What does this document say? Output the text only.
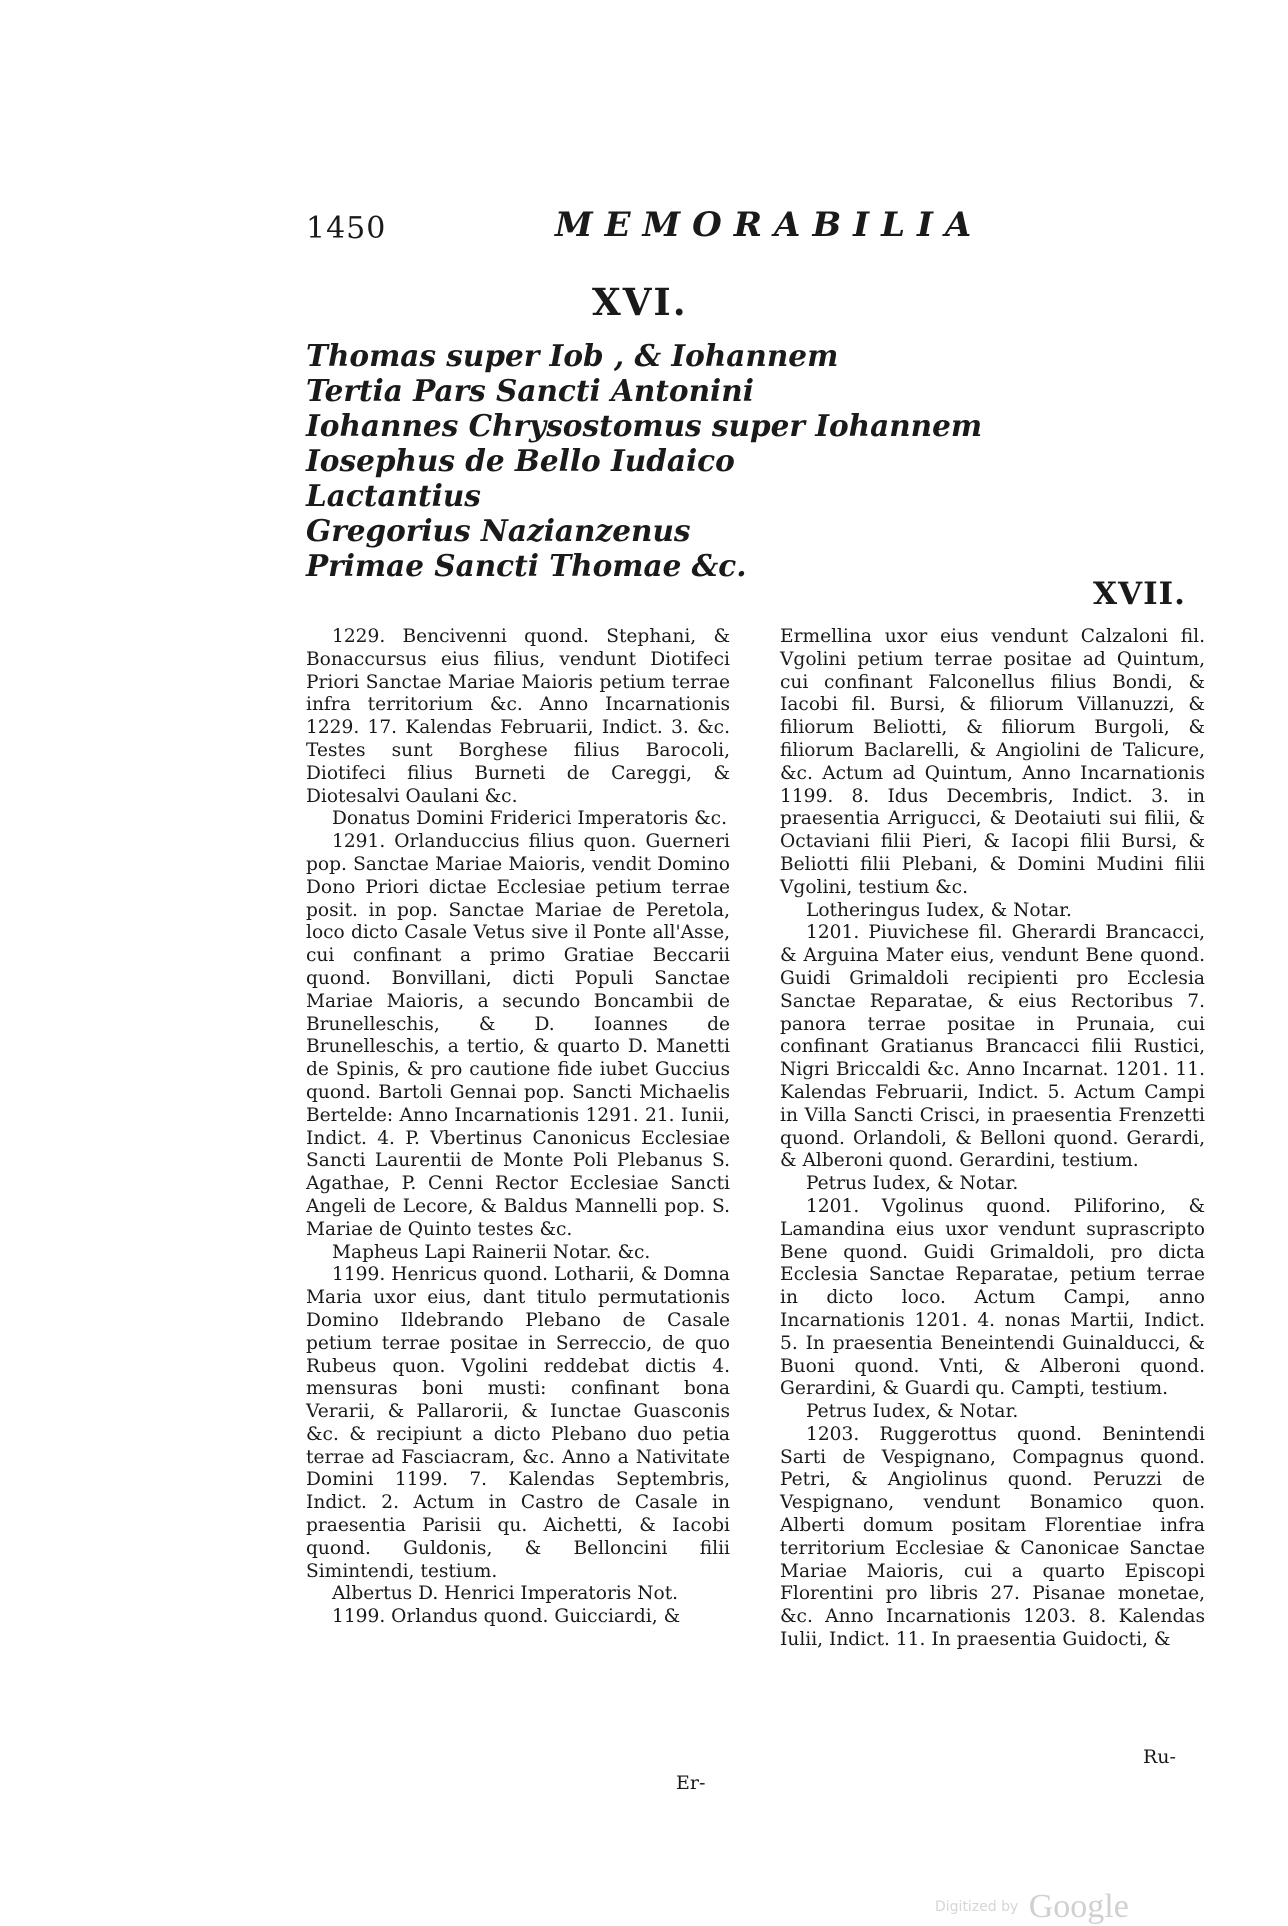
1450	MEMORABILIA
XVI.
Thomas super Iob , & Iohannem
Tertia Pars Sancti Antonini
Iohannes Chrysostomus super Iohannem
Iosephus de Bello Iudaico
Lactantius
Gregorius Nazianzenus
Primae Sancti Thomae &c.
XVII.

1229. Bencivenni quond. Stephani, & Bonaccursus eius filius, vendunt Diotifeci Priori Sanctae Mariae Maioris petium terrae infra territorium &c. Anno Incarnationis 1229. 17. Kalendas Februarii, Indict. 3. &c. Testes sunt Borghese filius Barocoli, Diotifeci filius Burneti de Careggi, & Diotesalvi Oaulani &c.

Donatus Domini Friderici Imperatoris &c.

1291. Orlanduccius filius quon. Guerneri pop. Sanctae Mariae Maioris, vendit Domino Dono Priori dictae Ecclesiae petium terrae posit. in pop. Sanctae Mariae de Peretola, loco dicto Casale Vetus sive il Ponte all'Asse, cui confinant a primo Gratiae Beccarii quond. Bonvillani, dicti Populi Sanctae Mariae Maioris, a secundo Boncambii de Brunelleschis, & D. Ioannes de Brunelleschis, a tertio, & quarto D. Manetti de Spinis, & pro cautione fide iubet Guccius quond. Bartoli Gennai pop. Sancti Michaelis Bertelde: Anno Incarnationis 1291. 21. Iunii, Indict. 4. P. Vbertinus Canonicus Ecclesiae Sancti Laurentii de Monte Poli Plebanus S. Agathae, P. Cenni Rector Ecclesiae Sancti Angeli de Lecore, & Baldus Mannelli pop. S. Mariae de Quinto testes &c.

Mapheus Lapi Rainerii Notar. &c.

1199. Henricus quond. Lotharii, & Domna Maria uxor eius, dant titulo permutationis Domino Ildebrando Plebano de Casale petium terrae positae in Serreccio, de quo Rubeus quon. Vgolini reddebat dictis 4. mensuras boni musti: confinant bona Verarii, & Pallarorii, & Iunctae Guasconis &c. & recipiunt a dicto Plebano duo petia terrae ad Fasciacram, &c. Anno a Nativitate Domini 1199. 7. Kalendas Septembris, Indict. 2. Actum in Castro de Casale in praesentia Parisii qu. Aichetti, & Iacobi quond. Guldonis, & Belloncini filii Simintendi, testium.

Albertus D. Henrici Imperatoris Not.

1199. Orlandus quond. Guicciardi, &

Er-

Ermellina uxor eius vendunt Calzaloni fil. Vgolini petium terrae positae ad Quintum, cui confinant Falconellus filius Bondi, & Iacobi fil. Bursi, & filiorum Villanuzzi, & filiorum Beliotti, & filiorum Burgoli, & filiorum Baclarelli, & Angiolini de Talicure, &c. Actum ad Quintum, Anno Incarnationis 1199. 8. Idus Decembris, Indict. 3. in praesentia Arrigucci, & Deotaiuti sui filii, & Octaviani filii Pieri, & Iacopi filii Bursi, & Beliotti filii Plebani, & Domini Mudini filii Vgolini, testium &c.

Lotheringus Iudex, & Notar.

1201. Piuvichese fil. Gherardi Brancacci, & Arguina Mater eius, vendunt Bene quond. Guidi Grimaldoli recipienti pro Ecclesia Sanctae Reparatae, & eius Rectoribus 7. panora terrae positae in Prunaia, cui confinant Gratianus Brancacci filii Rustici, Nigri Briccaldi &c. Anno Incarnat. 1201. 11. Kalendas Februarii, Indict. 5. Actum Campi in Villa Sancti Crisci, in praesentia Frenzetti quond. Orlandoli, & Belloni quond. Gerardi, & Alberoni quond. Gerardini, testium.

Petrus Iudex, & Notar.

1201. Vgolinus quond. Piliforino, & Lamandina eius uxor vendunt suprascripto Bene quond. Guidi Grimaldoli, pro dicta Ecclesia Sanctae Reparatae, petium terrae in dicto loco. Actum Campi, anno Incarnationis 1201. 4. nonas Martii, Indict. 5. In praesentia Beneintendi Guinalducci, & Buoni quond. Vnti, & Alberoni quond. Gerardini, & Guardi qu. Campti, testium.

Petrus Iudex, & Notar.

1203. Ruggerottus quond. Benintendi Sarti de Vespignano, Compagnus quond. Petri, & Angiolinus quond. Peruzzi de Vespignano, vendunt Bonamico quon. Alberti domum positam Florentiae infra territorium Ecclesiae & Canonicae Sanctae Mariae Maioris, cui a quarto Episcopi Florentini pro libris 27. Pisanae monetae, &c. Anno Incarnationis 1203. 8. Kalendas Iulii, Indict. 11. In praesentia Guidocti, &

Ru-
Digitized by Google
